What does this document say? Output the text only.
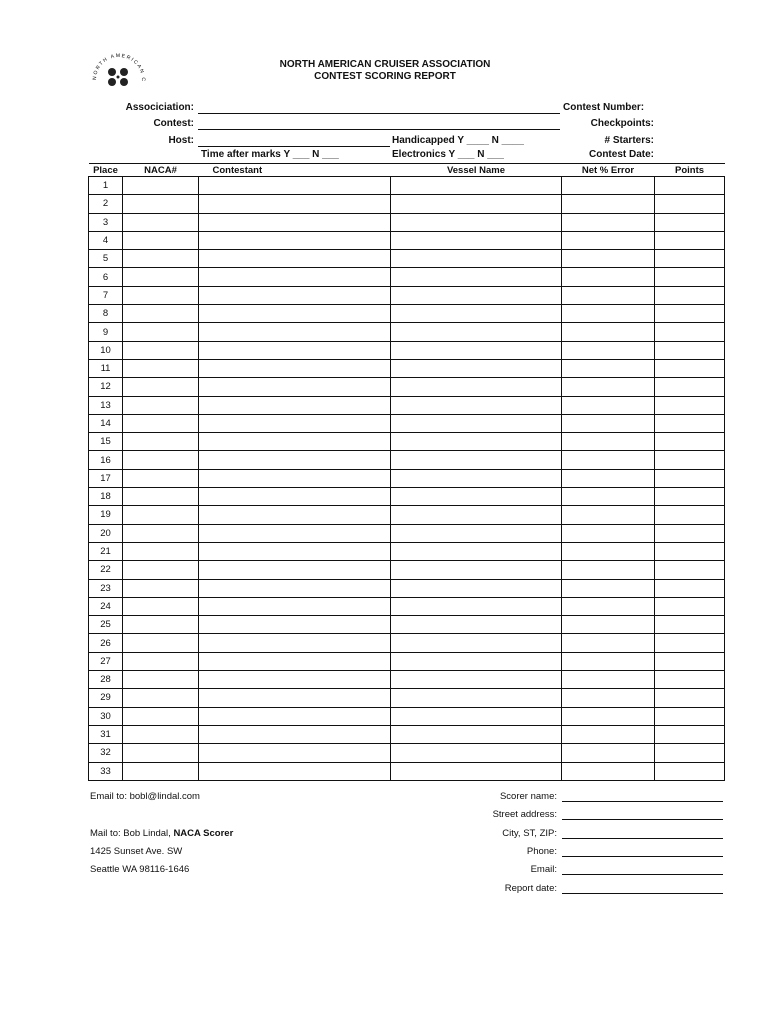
NORTH AMERICAN C
NORTH AMERICAN CRUISER ASSOCIATION
CONTEST SCORING REPORT
Associciation:
Contest:
Host:
Time after marks Y ___ N ___
Handicapped Y ____ N ____
Electronics Y ___ N ___
Contest Number:
Checkpoints:
# Starters:
Contest Date:
Place	NACA#	Contestant	Vessel Name	Net % Error	Points
1					
2					
3					
4					
5					
6					
7					
8					
9					
10					
11					
12					
13					
14					
15					
16					
17					
18					
19					
20					
21					
22					
23					
24					
25					
26					
27					
28					
29					
30					
31					
32					
33					
Email to: bobl@lindal.com
Mail to: Bob Lindal, NACA Scorer
1425 Sunset Ave. SW
Seattle WA 98116-1646
Scorer name:
Street address:
City, ST, ZIP:
Phone:
Email:
Report date:
